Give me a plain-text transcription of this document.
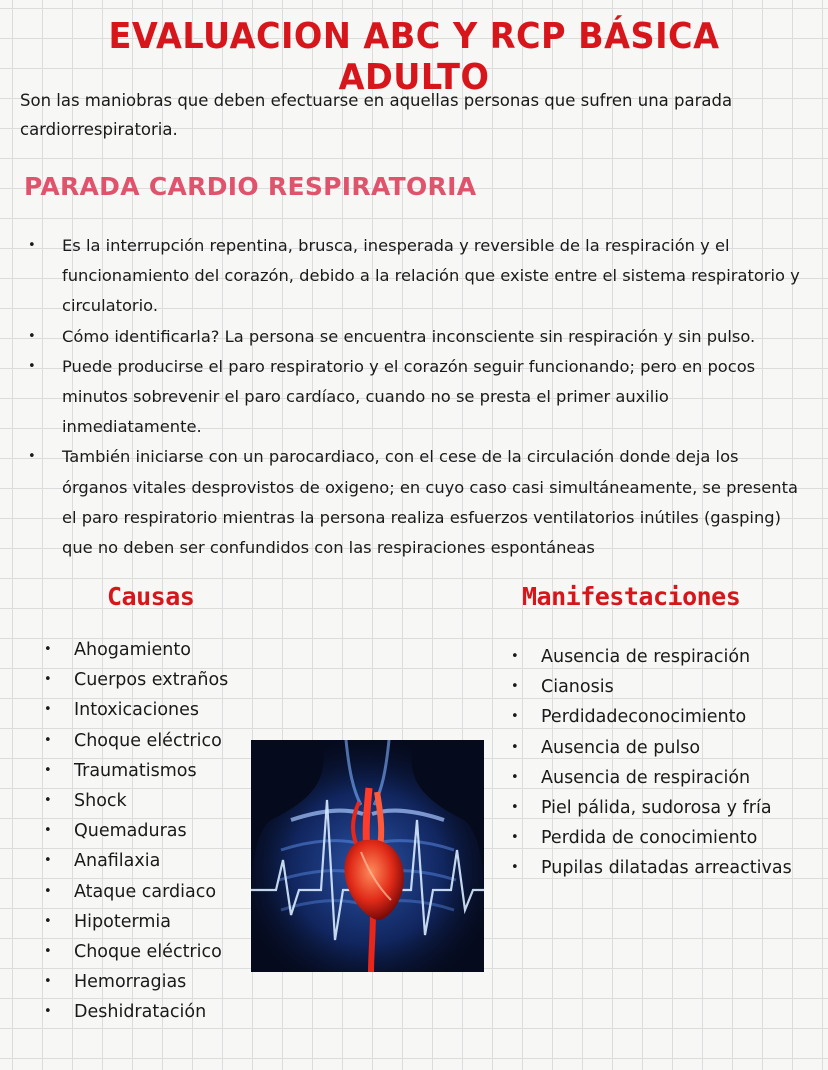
EVALUACION ABC Y RCP BÁSICA ADULTO

Son las maniobras que deben efectuarse en aquellas personas que sufren una parada cardiorrespiratoria.

PARADA CARDIO RESPIRATORIA
• Es la interrupción repentina, brusca, inesperada y reversible de la respiración y el funcionamiento del corazón, debido a la relación que existe entre el sistema respiratorio y circulatorio.
• Cómo identificarla? La persona se encuentra inconsciente sin respiración y sin pulso.
• Puede producirse el paro respiratorio y el corazón seguir funcionando; pero en pocos minutos sobrevenir el paro cardíaco, cuando no se presta el primer auxilio inmediatamente.
• También iniciarse con un parocardiaco, con el cese de la circulación donde deja los órganos vitales desprovistos de oxigeno; en cuyo caso casi simultáneamente, se presenta el paro respiratorio mientras la persona realiza esfuerzos ventilatorios inútiles (gasping) que no deben ser confundidos con las respiraciones espontáneas
Causas
• Ahogamiento
• Cuerpos extraños
• Intoxicaciones
• Choque eléctrico
• Traumatismos
• Shock
• Quemaduras
• Anafilaxia
• Ataque cardiaco
• Hipotermia
• Choque eléctrico
• Hemorragias
• Deshidratación
Manifestaciones
• Ausencia de respiración
• Cianosis
• Perdidadeconocimiento
• Ausencia de pulso
• Ausencia de respiración
• Piel pálida, sudorosa y fría
• Perdida de conocimiento
• Pupilas dilatadas arreactivas
